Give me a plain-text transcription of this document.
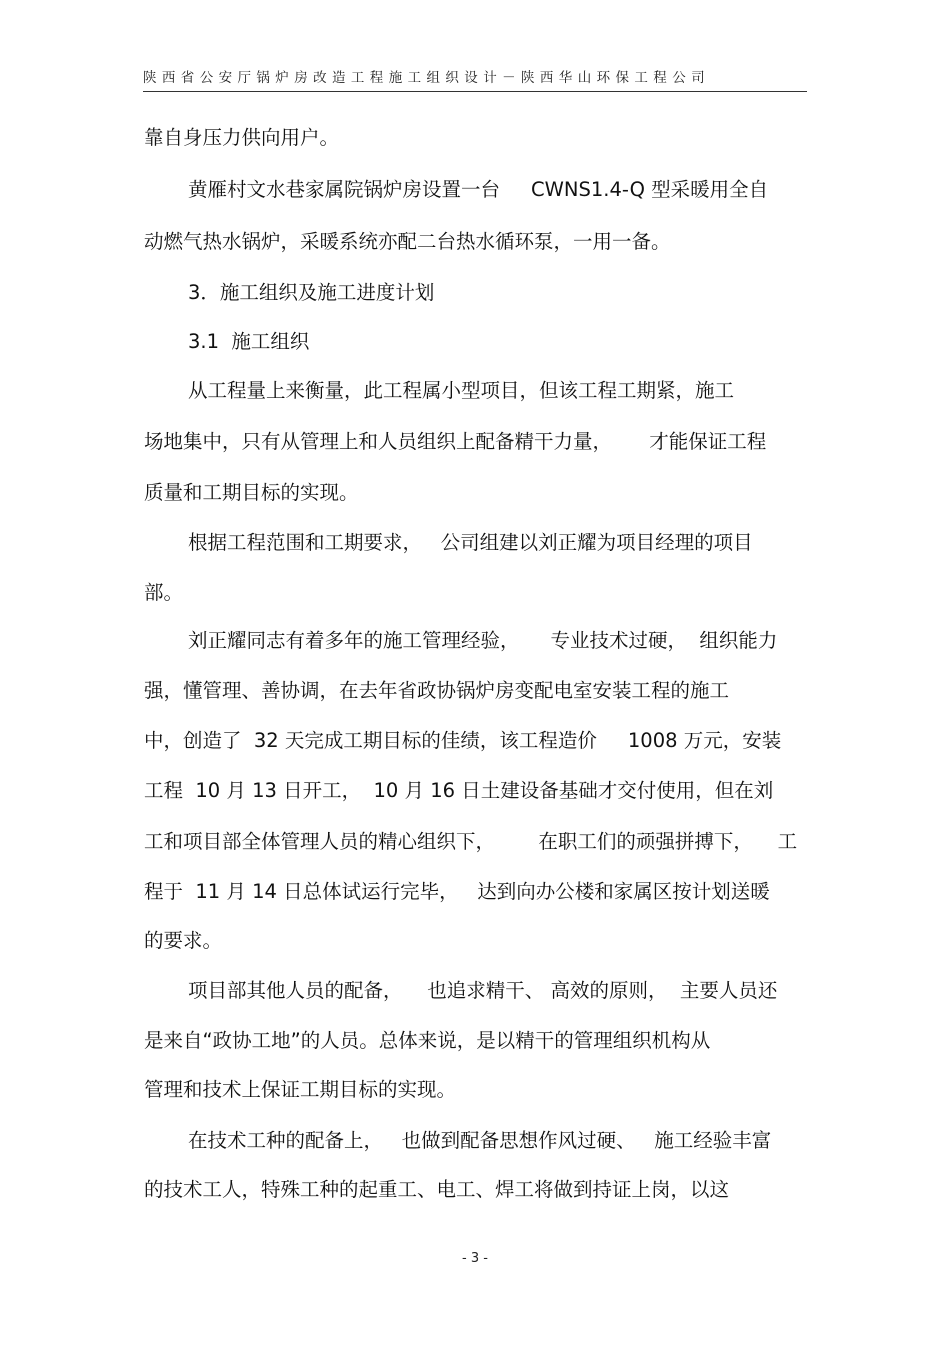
陕西省公安厅锅炉房改造工程施工组织设计－陕西华山环保工程公司
靠自身压力供向用户。
黄雁村文水巷家属院锅炉房设置一台     CWNS1.4-Q 型采暖用全自
动燃气热水锅炉，采暖系统亦配二台热水循环泵，一用一备。
3．施工组织及施工进度计划
3.1  施工组织
从工程量上来衡量，此工程属小型项目，但该工程工期紧，施工
场地集中，只有从管理上和人员组织上配备精干力量，      才能保证工程
质量和工期目标的实现。
根据工程范围和工期要求，   公司组建以刘正耀为项目经理的项目
部。
刘正耀同志有着多年的施工管理经验，     专业技术过硬，  组织能力
强，懂管理、善协调，在去年省政协锅炉房变配电室安装工程的施工
中，创造了  32 天完成工期目标的佳绩，该工程造价     1008 万元，安装
工程  10 月 13 日开工，  10 月 16 日土建设备基础才交付使用，但在刘
工和项目部全体管理人员的精心组织下，       在职工们的顽强拼搏下，    工
程于  11 月 14 日总体试运行完毕，   达到向办公楼和家属区按计划送暖
的要求。
项目部其他人员的配备，    也追求精干、 高效的原则，  主要人员还
是来自“政协工地”的人员。总体来说，是以精干的管理组织机构从
管理和技术上保证工期目标的实现。
在技术工种的配备上，   也做到配备思想作风过硬、   施工经验丰富
的技术工人，特殊工种的起重工、电工、焊工将做到持证上岗，以这
- 3 -
